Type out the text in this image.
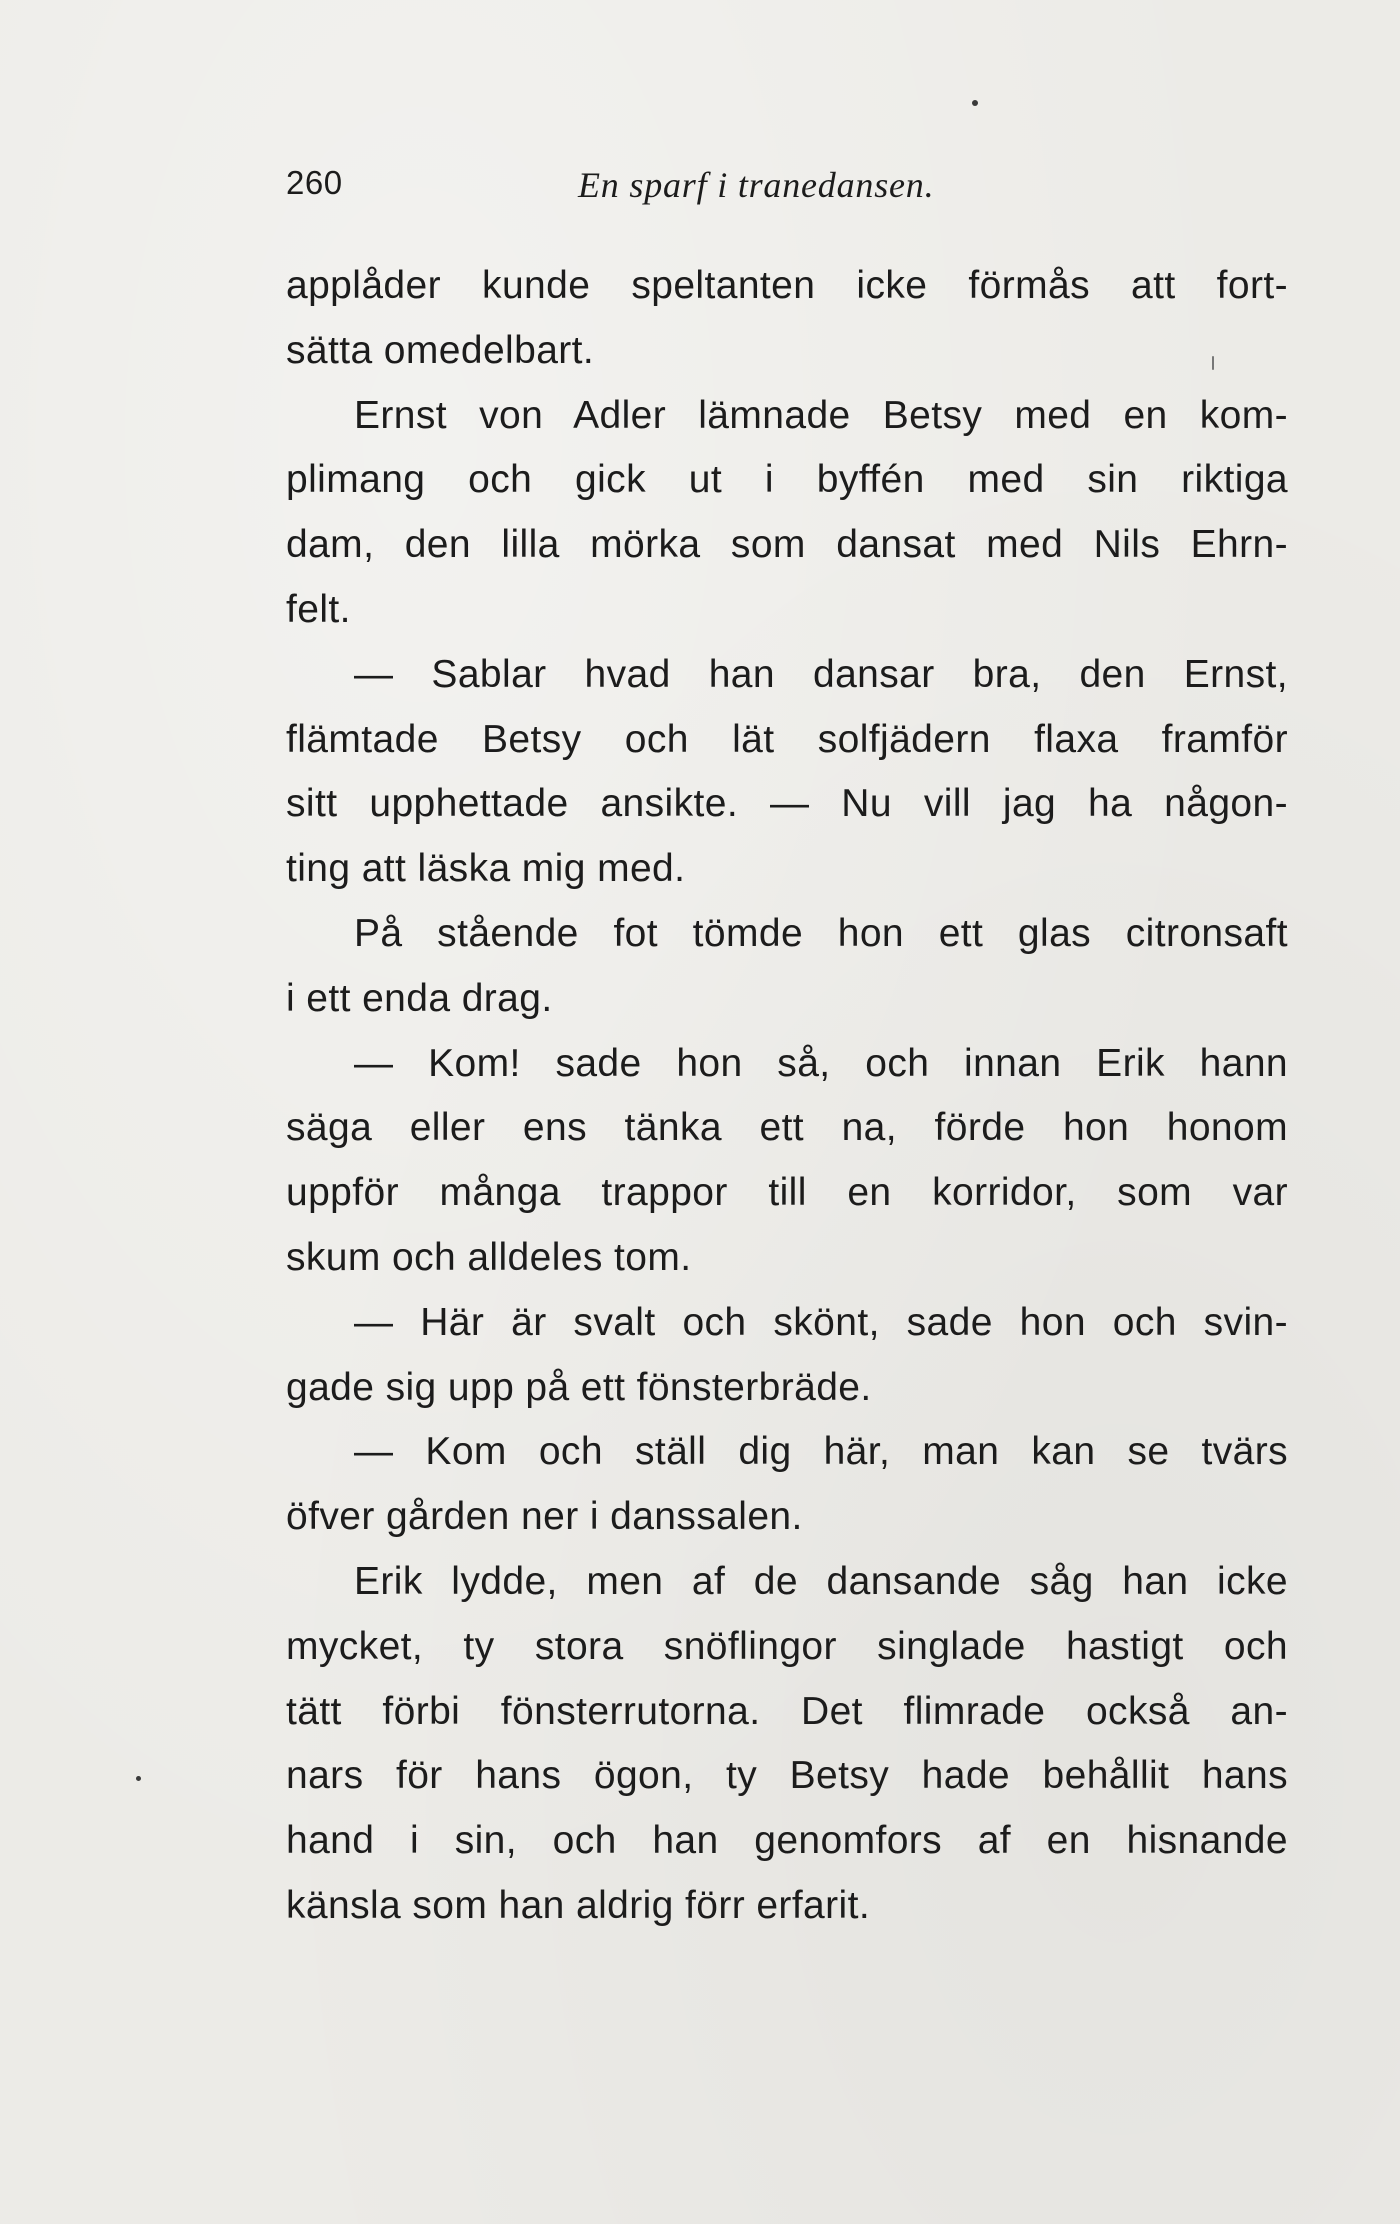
260	En sparf i tranedansen.
applåder kunde speltanten icke förmås att fort-
sätta omedelbart.
Ernst von Adler lämnade Betsy med en kom-
plimang och gick ut i byffén med sin riktiga
dam, den lilla mörka som dansat med Nils Ehrn-
felt.
— Sablar hvad han dansar bra, den Ernst,
flämtade Betsy och lät solfjädern flaxa framför
sitt upphettade ansikte. — Nu vill jag ha någon-
ting att läska mig med.
På stående fot tömde hon ett glas citronsaft
i ett enda drag.
— Kom! sade hon så, och innan Erik hann
säga eller ens tänka ett na, förde hon honom
uppför många trappor till en korridor, som var
skum och alldeles tom.
— Här är svalt och skönt, sade hon och svin-
gade sig upp på ett fönsterbräde.
— Kom och ställ dig här, man kan se tvärs
öfver gården ner i danssalen.
Erik lydde, men af de dansande såg han icke
mycket, ty stora snöflingor singlade hastigt och
tätt förbi fönsterrutorna. Det flimrade också an-
nars för hans ögon, ty Betsy hade behållit hans
hand i sin, och han genomfors af en hisnande
känsla som han aldrig förr erfarit.
